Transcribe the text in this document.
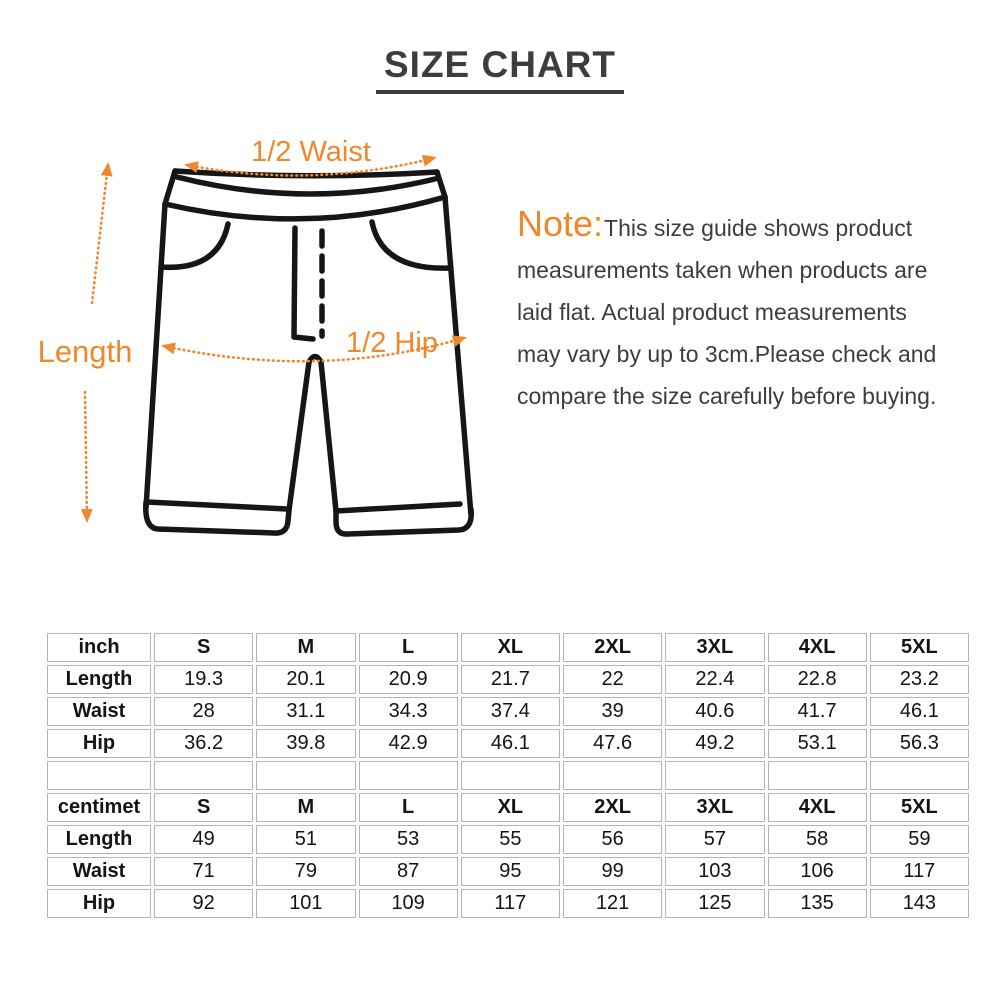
SIZE CHART
1/2 Waist
1/2 Hip
Length
Note:This size guide shows product
measurements taken when products are
laid flat. Actual product measurements
may vary by up to 3cm.Please check and
compare the size carefully before buying.
inch	S	M	L	XL	2XL	3XL	4XL	5XL
Length	19.3	20.1	20.9	21.7	22	22.4	22.8	23.2
Waist	28	31.1	34.3	37.4	39	40.6	41.7	46.1
Hip	36.2	39.8	42.9	46.1	47.6	49.2	53.1	56.3

centimet	S	M	L	XL	2XL	3XL	4XL	5XL
Length	49	51	53	55	56	57	58	59
Waist	71	79	87	95	99	103	106	117
Hip	92	101	109	117	121	125	135	143
